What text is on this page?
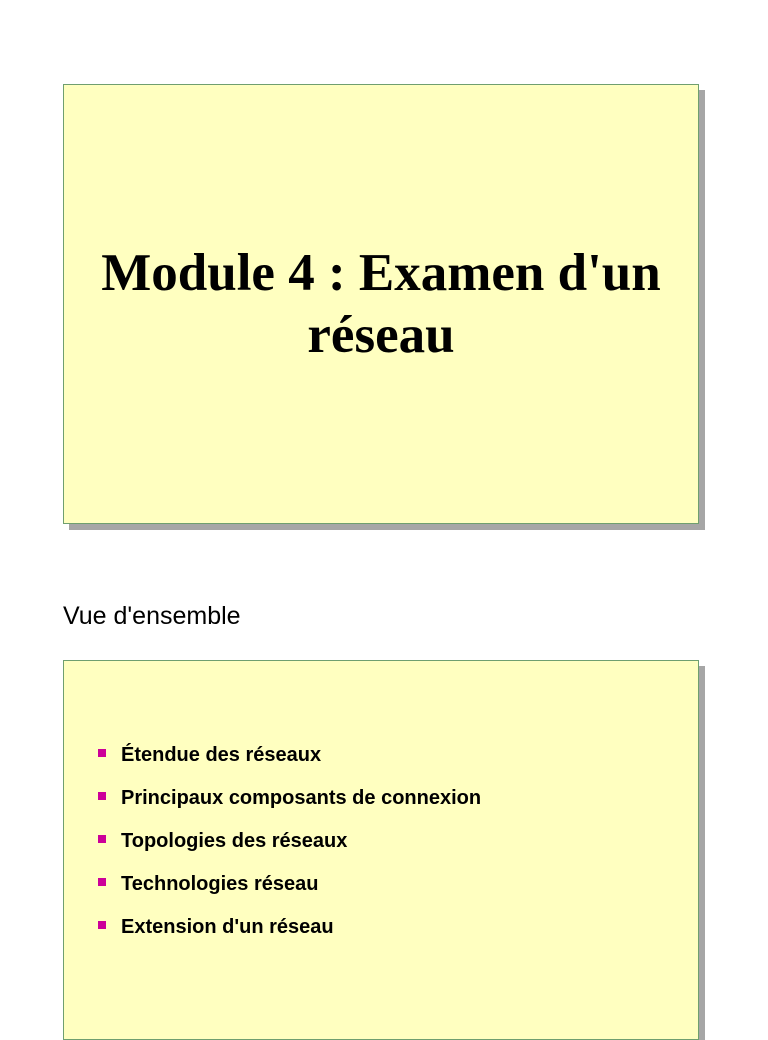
Module 4 : Examen d'un réseau
Vue d'ensemble
Étendue des réseaux
Principaux composants de connexion
Topologies des réseaux
Technologies réseau
Extension d'un réseau
